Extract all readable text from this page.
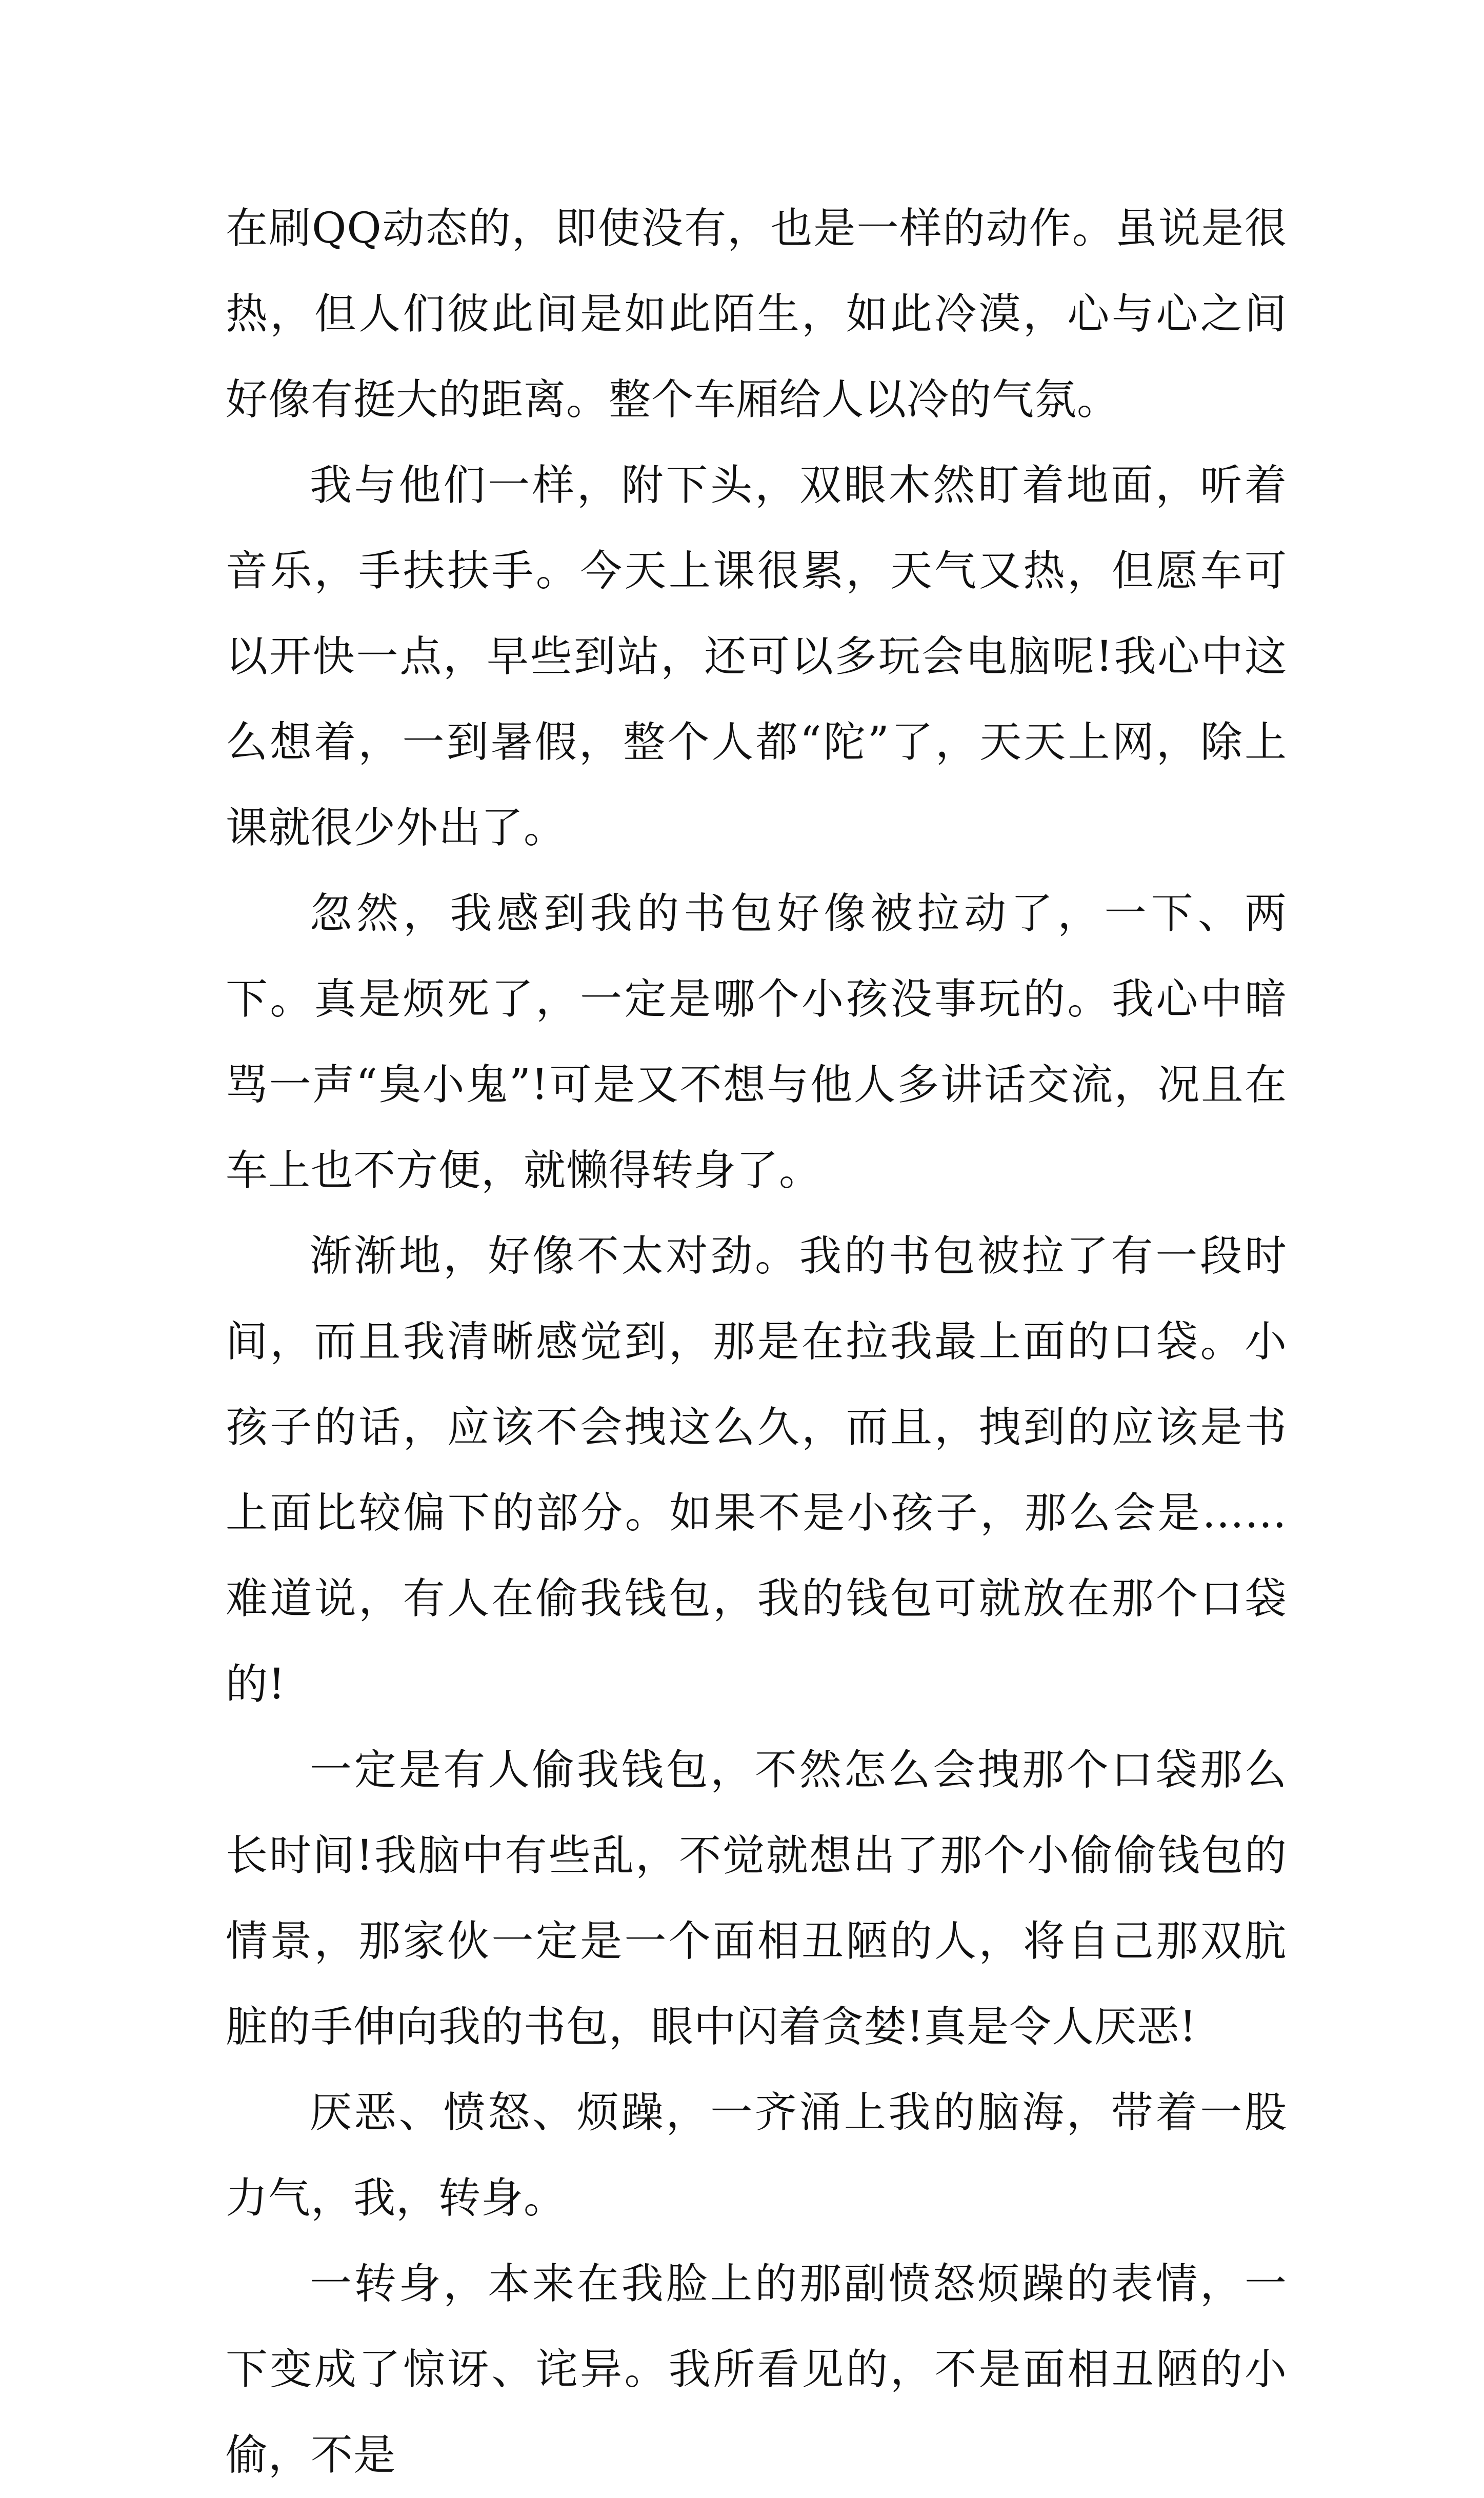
在刷QQ动态的，即使没有，也是一样的动作。虽说是很热，但人们彼此间是如此陌生，如此冷漠，心与心之间好像有挺大的距离。整个车厢给人以冷的气氛。

我与他们一样，附下头，双眼木然盯着地面，听着音乐，手扶扶手。今天上课很累，天气又热，但愿车可以开快一点，早些到站，还可以多玩会电脑呢!我心中这么想着，一到暑假，整个人都“陀”了，天天上网，除上课就很少外出了。

忽然，我感到我的书包好像被拉动了，一下、两下。真是烦死了，一定是哪个小孩没事玩的。我心中暗骂一声“臭小鬼”!可是又不想与他人多讲话交流，况且在车上也不方便，就懒得转身了。

渐渐地，好像不太对劲。我的书包被拉了有一段时间，而且我清晰感觉到，那是在拉我最上面的口袋。小孩子的话，应该不会拽这么久，而且，拽到的应该是书上面比较偏下的部分。如果不是小孩子，那么会是……难道说，有人在偷我钱包，我的钱包可就放在那个口袋的!

一定是有人偷我钱包，不然怎么会拽那个口袋那么长时间!我脑中有些乱，不觉就想出了那个小偷偷钱包的情景，那家伙一定是一个面相丑陋的人，将自己那双肮脏的手伸向我的书包，眼中闪着贪婪!真是令人厌恶!

厌恶、愤怒、烦躁，一齐涌上我的脑海，带着一股力气，我，转身。

一转身，本来在我脸上的那副愤怒烦躁的表情，一下变成了惊讶、诧异。我所看见的，不是面相丑陋的小偷，不是
